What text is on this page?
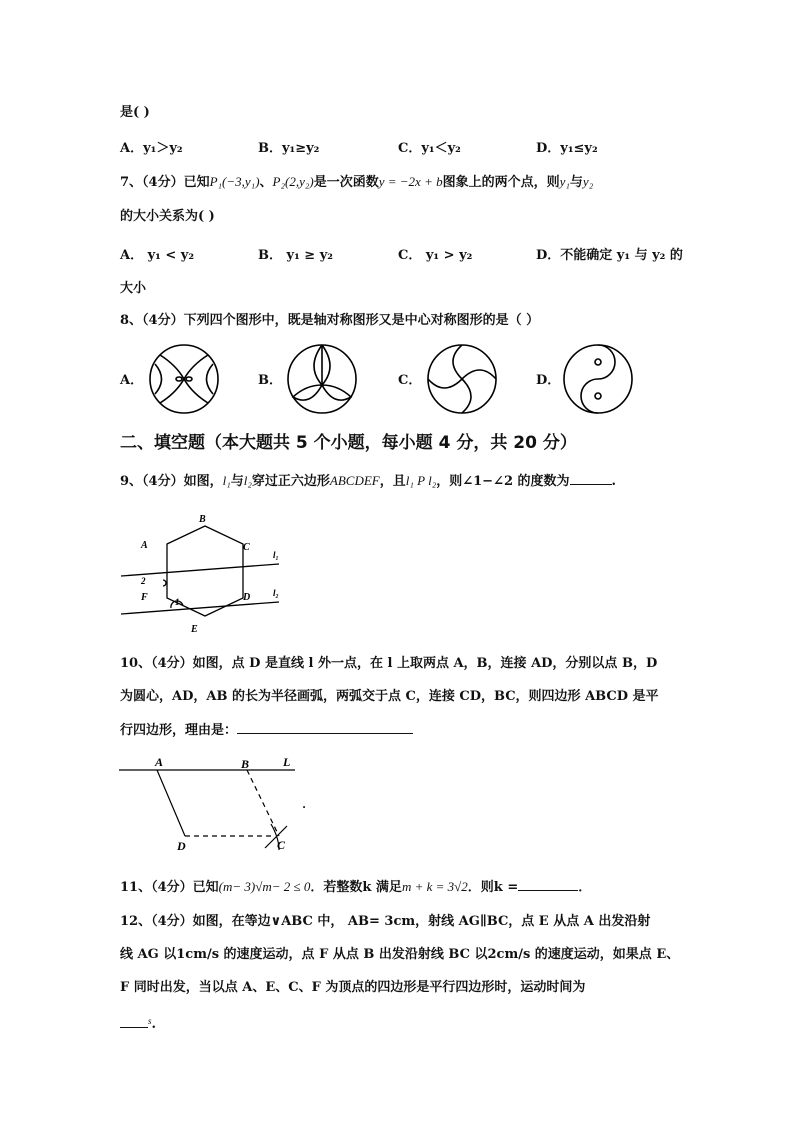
是( )
A．y₁＞y₂	B．y₁≥y₂	C．y₁＜y₂	D．y₁≤y₂
7、（4分）已知P₁(−3,y₁)、P₂(2,y₂)是一次函数y = −2x + b图象上的两个点，则y₁与y₂
的大小关系为( )
A． y₁ < y₂	B． y₁ ≥ y₂	C． y₁ > y₂	D．不能确定 y₁ 与 y₂ 的
大小
8、（4分）下列四个图形中，既是轴对称图形又是中心对称图形的是（ ）
A．	B．	C．	D．
二、填空题（本大题共 5 个小题，每小题 4 分，共 20 分）
9、（4分）如图，l₁与l₂穿过正六边形ABCDEF，且l₁ P l₂，则∠1−∠2 的度数为	.
B
A	C
F	D
E
l₁
l₂
1
2
10、（4分）如图，点 D 是直线 l 外一点，在 l 上取两点 A，B，连接 AD，分别以点 B，D
为圆心，AD，AB 的长为半径画弧，两弧交于点 C，连接 CD，BC，则四边形 ABCD 是平
行四边形，理由是：
A	B	L
D	C
.
11、（4分）已知(m− 3)√m− 2 ≤ 0．若整数k 满足m + k = 3√2．则k =	．
12、（4分）如图，在等边∨ABC 中， AB= 3cm，射线 AG∥BC，点 E 从点 A 出发沿射
线 AG 以1cm/s 的速度运动，点 F 从点 B 出发沿射线 BC 以2cm/s 的速度运动，如果点 E、
F 同时出发，当以点 A、E、C、F 为顶点的四边形是平行四边形时，运动时间为
$^s$.
